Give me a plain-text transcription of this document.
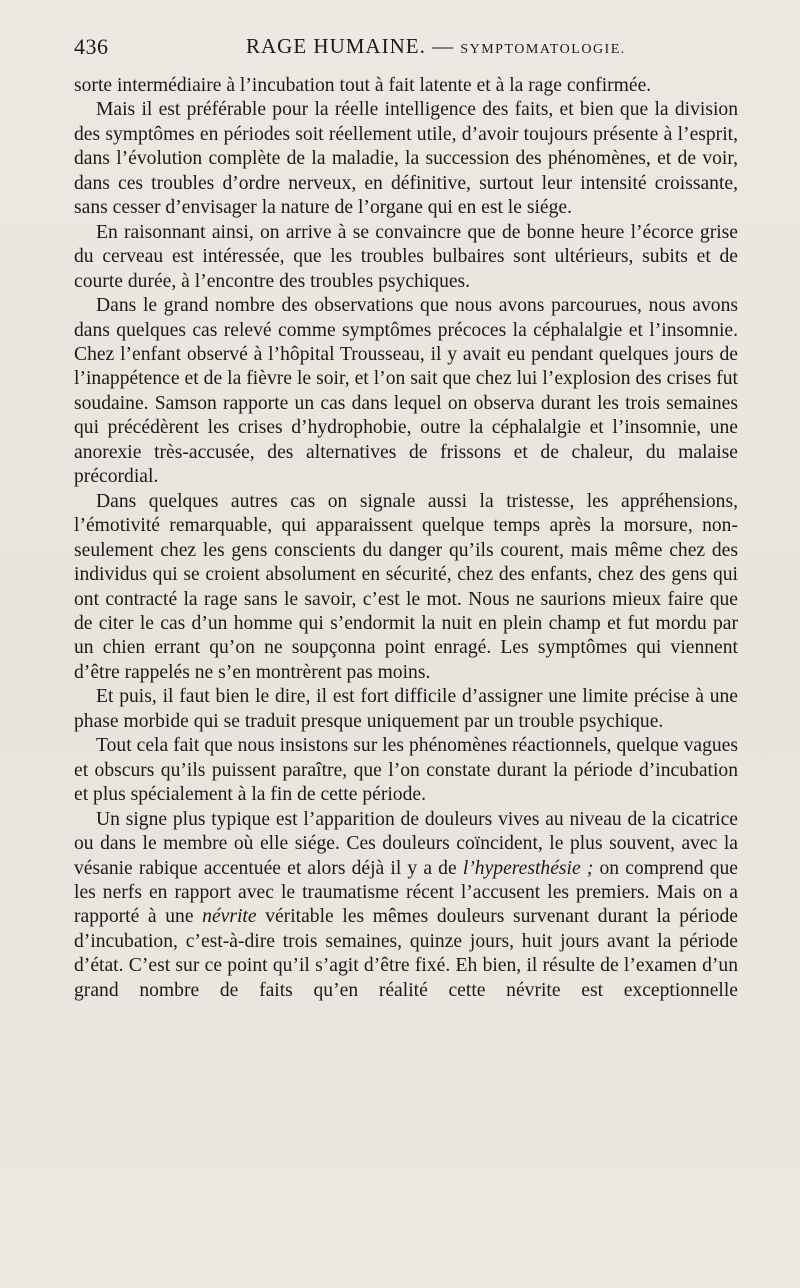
436	RAGE HUMAINE. — SYMPTOMATOLOGIE.

sorte intermédiaire à l’incubation tout à fait latente et à la rage confirmée.

Mais il est préférable pour la réelle intelligence des faits, et bien que la division des symptômes en périodes soit réellement utile, d’avoir toujours présente à l’esprit, dans l’évolution complète de la maladie, la succession des phénomènes, et de voir, dans ces troubles d’ordre nerveux, en définitive, surtout leur intensité croissante, sans cesser d’envisager la nature de l’organe qui en est le siége.

En raisonnant ainsi, on arrive à se convaincre que de bonne heure l’écorce grise du cerveau est intéressée, que les troubles bulbaires sont ultérieurs, subits et de courte durée, à l’encontre des troubles psychiques.

Dans le grand nombre des observations que nous avons parcourues, nous avons dans quelques cas relevé comme symptômes précoces la céphalalgie et l’insomnie. Chez l’enfant observé à l’hôpital Trousseau, il y avait eu pendant quelques jours de l’inappétence et de la fièvre le soir, et l’on sait que chez lui l’explosion des crises fut soudaine. Samson rapporte un cas dans lequel on observa durant les trois semaines qui précédèrent les crises d’hydrophobie, outre la céphalalgie et l’insomnie, une anorexie très-accusée, des alternatives de frissons et de chaleur, du malaise précordial.

Dans quelques autres cas on signale aussi la tristesse, les appréhensions, l’émotivité remarquable, qui apparaissent quelque temps après la morsure, non-seulement chez les gens conscients du danger qu’ils courent, mais même chez des individus qui se croient absolument en sécurité, chez des enfants, chez des gens qui ont contracté la rage sans le savoir, c’est le mot. Nous ne saurions mieux faire que de citer le cas d’un homme qui s’endormit la nuit en plein champ et fut mordu par un chien errant qu’on ne soupçonna point enragé. Les symptômes qui viennent d’être rappelés ne s’en montrèrent pas moins.

Et puis, il faut bien le dire, il est fort difficile d’assigner une limite précise à une phase morbide qui se traduit presque uniquement par un trouble psychique.

Tout cela fait que nous insistons sur les phénomènes réactionnels, quelque vagues et obscurs qu’ils puissent paraître, que l’on constate durant la période d’incubation et plus spécialement à la fin de cette période.

Un signe plus typique est l’apparition de douleurs vives au niveau de la cicatrice ou dans le membre où elle siége. Ces douleurs coïncident, le plus souvent, avec la vésanie rabique accentuée et alors déjà il y a de l’hyperesthésie ; on comprend que les nerfs en rapport avec le traumatisme récent l’accusent les premiers. Mais on a rapporté à une névrite véritable les mêmes douleurs survenant durant la période d’incubation, c’est-à-dire trois semaines, quinze jours, huit jours avant la période d’état. C’est sur ce point qu’il s’agit d’être fixé. Eh bien, il résulte de l’examen d’un grand nombre de faits qu’en réalité cette névrite est exceptionnelle
